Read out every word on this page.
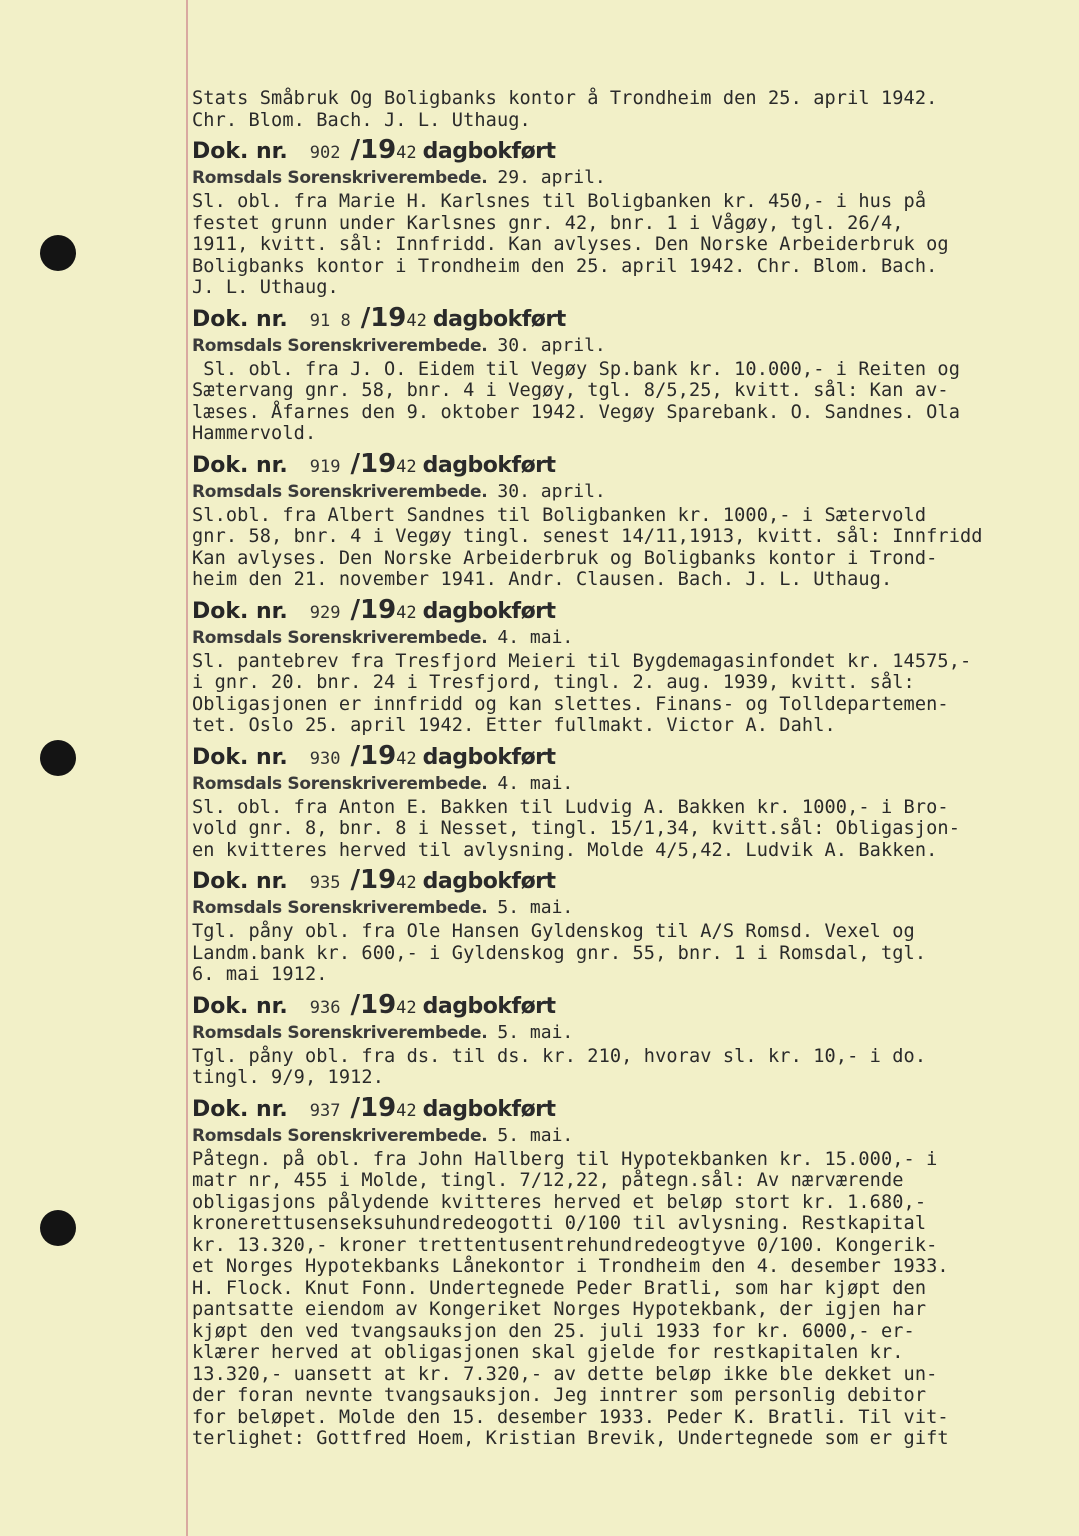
Stats Småbruk Og Boligbanks kontor å Trondheim den 25. april 1942.
Chr. Blom. Bach. J. L. Uthaug.
Dok. nr. 902 /1942 dagbokført
Romsdals Sorenskriverembede. 29. april.
Sl. obl. fra Marie H. Karlsnes til Boligbanken kr. 450,- i hus på
festet grunn under Karlsnes gnr. 42, bnr. 1 i Vågøy, tgl. 26/4,
1911, kvitt. sål: Innfridd. Kan avlyses. Den Norske Arbeiderbruk og
Boligbanks kontor i Trondheim den 25. april 1942. Chr. Blom. Bach.
J. L. Uthaug.
Dok. nr. 91 8 /1942 dagbokført
Romsdals Sorenskriverembede. 30. april.
Sl. obl. fra J. O. Eidem til Vegøy Sp.bank kr. 10.000,- i Reiten og
Sætervang gnr. 58, bnr. 4 i Vegøy, tgl. 8/5,25, kvitt. sål: Kan av-
læses. Åfarnes den 9. oktober 1942. Vegøy Sparebank. O. Sandnes. Ola
Hammervold.
Dok. nr. 919 /1942 dagbokført
Romsdals Sorenskriverembede. 30. april.
Sl.obl. fra Albert Sandnes til Boligbanken kr. 1000,- i Sætervold
gnr. 58, bnr. 4 i Vegøy tingl. senest 14/11,1913, kvitt. sål: Innfridd
Kan avlyses. Den Norske Arbeiderbruk og Boligbanks kontor i Trond-
heim den 21. november 1941. Andr. Clausen. Bach. J. L. Uthaug.
Dok. nr. 929 /1942 dagbokført
Romsdals Sorenskriverembede. 4. mai.
Sl. pantebrev fra Tresfjord Meieri til Bygdemagasinfondet kr. 14575,-
i gnr. 20. bnr. 24 i Tresfjord, tingl. 2. aug. 1939, kvitt. sål:
Obligasjonen er innfridd og kan slettes. Finans- og Tolldepartemen-
tet. Oslo 25. april 1942. Etter fullmakt. Victor A. Dahl.
Dok. nr. 930 /1942 dagbokført
Romsdals Sorenskriverembede. 4. mai.
Sl. obl. fra Anton E. Bakken til Ludvig A. Bakken kr. 1000,- i Bro-
vold gnr. 8, bnr. 8 i Nesset, tingl. 15/1,34, kvitt.sål: Obligasjon-
en kvitteres herved til avlysning. Molde 4/5,42. Ludvik A. Bakken.
Dok. nr. 935 /1942 dagbokført
Romsdals Sorenskriverembede. 5. mai.
Tgl. påny obl. fra Ole Hansen Gyldenskog til A/S Romsd. Vexel og
Landm.bank kr. 600,- i Gyldenskog gnr. 55, bnr. 1 i Romsdal, tgl.
6. mai 1912.
Dok. nr. 936 /1942 dagbokført
Romsdals Sorenskriverembede. 5. mai.
Tgl. påny obl. fra ds. til ds. kr. 210, hvorav sl. kr. 10,- i do.
tingl. 9/9, 1912.
Dok. nr. 937 /1942 dagbokført
Romsdals Sorenskriverembede. 5. mai.
Påtegn. på obl. fra John Hallberg til Hypotekbanken kr. 15.000,- i
matr nr, 455 i Molde, tingl. 7/12,22, påtegn.sål: Av nærværende
obligasjons pålydende kvitteres herved et beløp stort kr. 1.680,-
kronerettusenseksuhundredeogotti 0/100 til avlysning. Restkapital
kr. 13.320,- kroner trettentusentrehundredeogtyve 0/100. Kongerik-
et Norges Hypotekbanks Lånekontor i Trondheim den 4. desember 1933.
H. Flock. Knut Fonn. Undertegnede Peder Bratli, som har kjøpt den
pantsatte eiendom av Kongeriket Norges Hypotekbank, der igjen har
kjøpt den ved tvangsauksjon den 25. juli 1933 for kr. 6000,- er-
klærer herved at obligasjonen skal gjelde for restkapitalen kr.
13.320,- uansett at kr. 7.320,- av dette beløp ikke ble dekket un-
der foran nevnte tvangsauksjon. Jeg inntrer som personlig debitor
for beløpet. Molde den 15. desember 1933. Peder K. Bratli. Til vit-
terlighet: Gottfred Hoem, Kristian Brevik, Undertegnede som er gift
